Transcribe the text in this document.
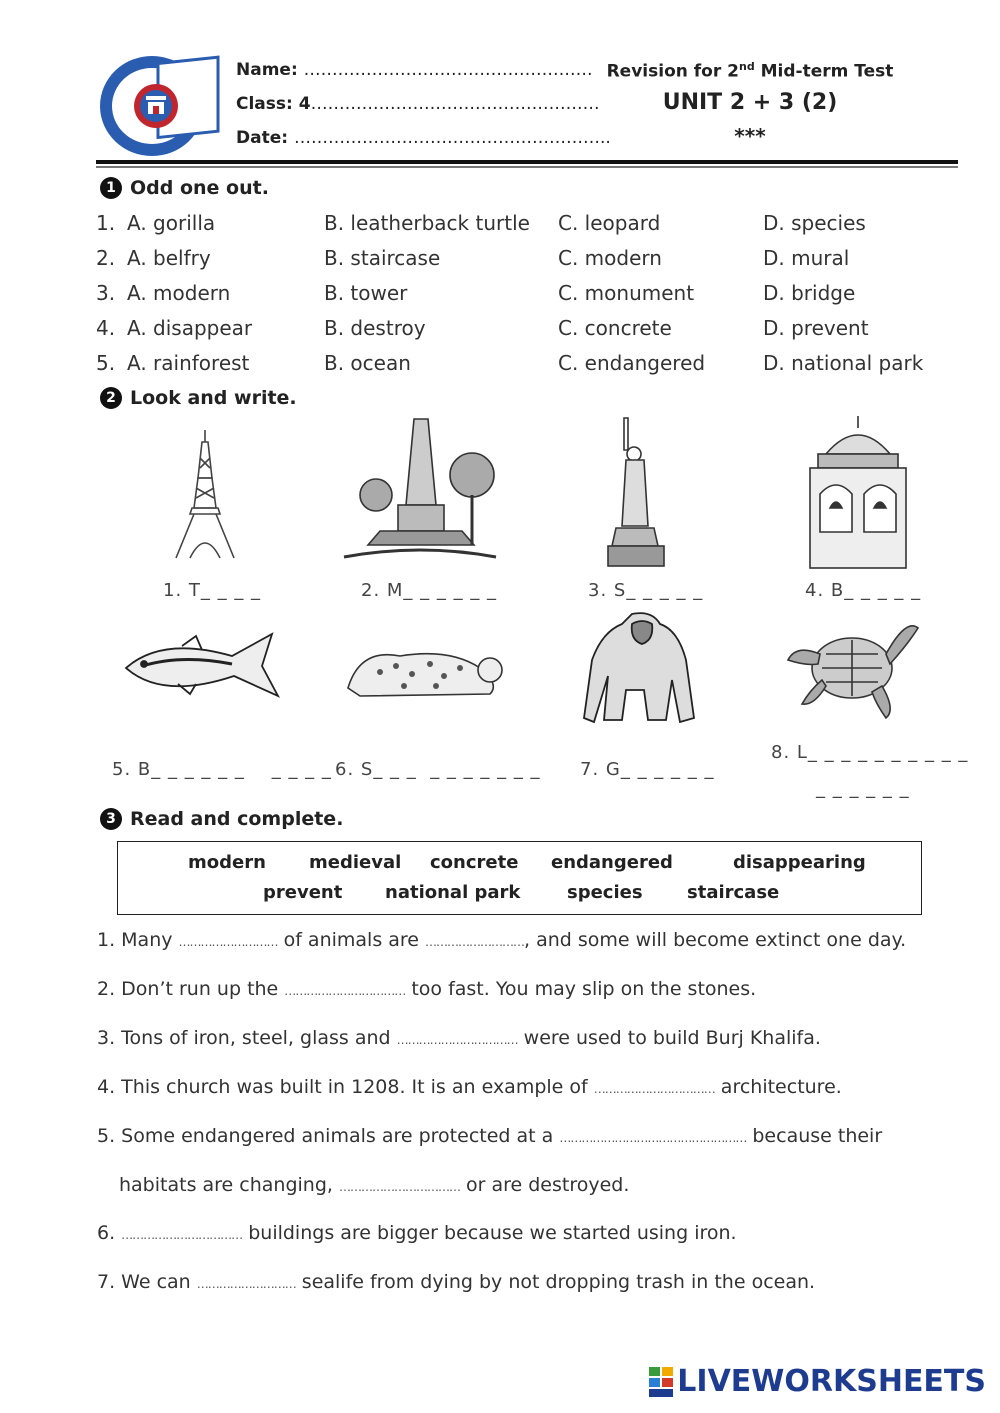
Name: ……………………………………………
Class: 4……………………………………………
Date: ………………………………………………..
Revision for 2nd Mid-term Test
UNIT 2 + 3 (2)
***
1 Odd one out.
1. A. gorilla	B. leatherback turtle C. leopard	D. species
2. A. belfry	B. staircase	C. modern	D. mural
3. A. modern	B. tower	C. monument	D. bridge
4. A. disappear	B. destroy	C. concrete	D. prevent
5. A. rainforest	B. ocean	C. endangered	D. national park
2 Look and write.
1. T_ _ _ _	2. M_ _ _ _ _ _	3. S_ _ _ _ _	4. B_ _ _ _ _
5. B_ _ _ _ _ _    _ _ _ _ 6. S_ _ _  _ _ _ _ _ _ _ 7. G_ _ _ _ _ _
8. L_ _ _ _ _ _ _ _ _ _
_ _ _ _ _ _
3 Read and complete.
modern medieval concrete endangered	disappearing
prevent national park	species staircase
1. Many ……………………… of animals are ………………………, and some will become extinct one day.
2. Don’t run up the …………………………… too fast. You may slip on the stones.
3. Tons of iron, steel, glass and …………………………… were used to build Burj Khalifa.
4. This church was built in 1208. It is an example of …………………………… architecture.
5. Some endangered animals are protected at a …………………………………………… because their
habitats are changing, …………………………… or are destroyed.
6. …………………………… buildings are bigger because we started using iron.
7. We can ……………………… sealife from dying by not dropping trash in the ocean.
LIVEWORKSHEETS
